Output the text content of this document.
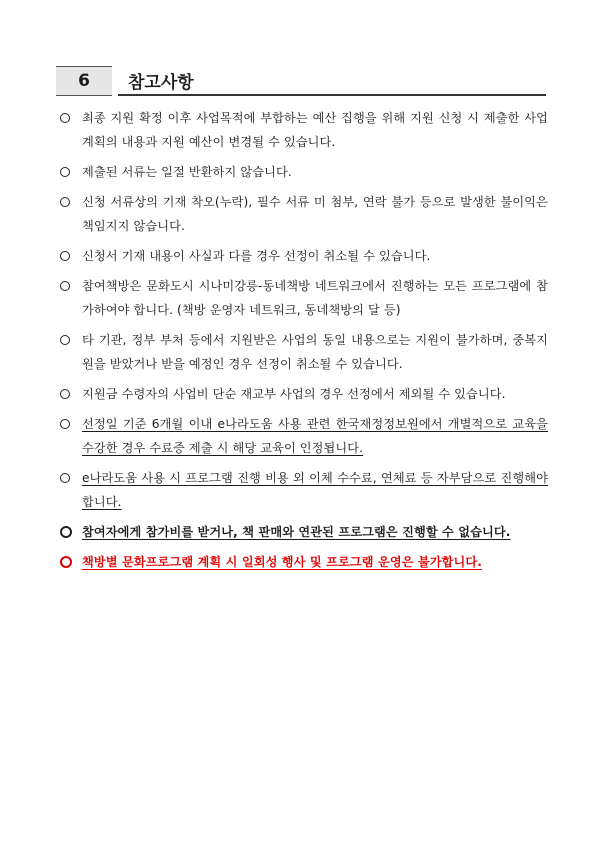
6	참고사항
최종 지원 확정 이후 사업목적에 부합하는 예산 집행을 위해 지원 신청 시 제출한 사업 계획의 내용과 지원 예산이 변경될 수 있습니다.
제출된 서류는 일절 반환하지 않습니다.
신청 서류상의 기재 착오(누락), 필수 서류 미 첨부, 연락 불가 등으로 발생한 불이익은 책임지지 않습니다.
신청서 기재 내용이 사실과 다를 경우 선정이 취소될 수 있습니다.
참여책방은 문화도시 시나미강릉-동네책방 네트워크에서 진행하는 모든 프로그램에 참가하여야 합니다. (책방 운영자 네트워크, 동네책방의 달 등)
타 기관, 정부 부처 등에서 지원받은 사업의 동일 내용으로는 지원이 불가하며, 중복지원을 받았거나 받을 예정인 경우 선정이 취소될 수 있습니다.
지원금 수령자의 사업비 단순 재교부 사업의 경우 선정에서 제외될 수 있습니다.
선정일 기준 6개월 이내 e나라도움 사용 관련 한국재정정보원에서 개별적으로 교육을 수강한 경우 수료증 제출 시 해당 교육이 인정됩니다.
e나라도움 사용 시 프로그램 진행 비용 외 이체 수수료, 연체료 등 자부담으로 진행해야 합니다.
참여자에게 참가비를 받거나, 책 판매와 연관된 프로그램은 진행할 수 없습니다.
책방별 문화프로그램 계획 시 일회성 행사 및 프로그램 운영은 불가합니다.
